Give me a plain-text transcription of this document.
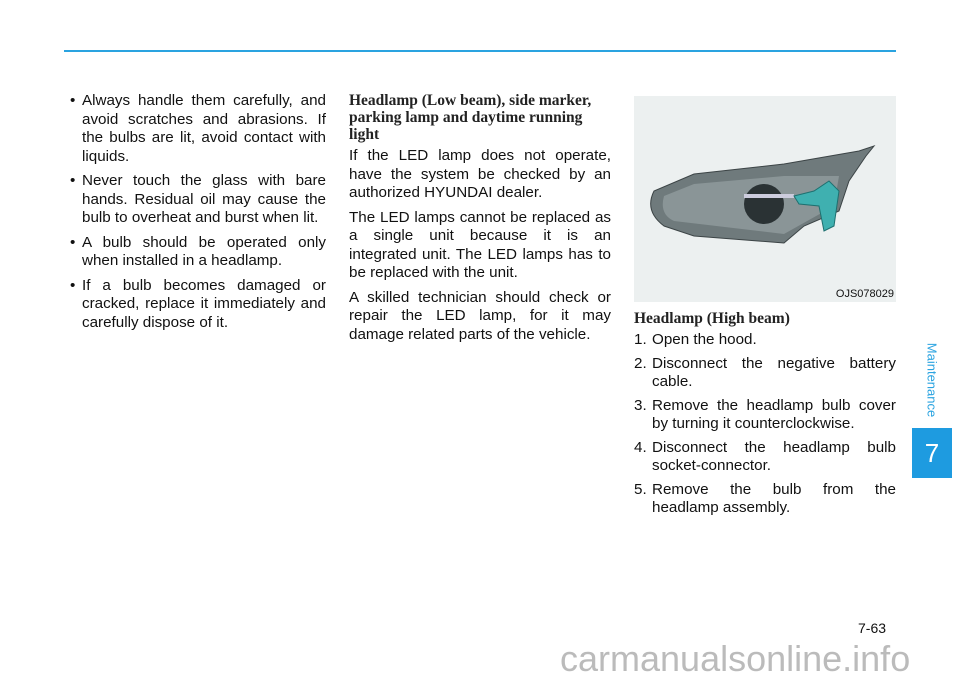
• Always handle them carefully, and avoid scratches and abrasions. If the bulbs are lit, avoid contact with liquids.
• Never touch the glass with bare hands. Residual oil may cause the bulb to overheat and burst when lit.
• A bulb should be operated only when installed in a headlamp.
• If a bulb becomes damaged or cracked, replace it immediately and carefully dispose of it.
Headlamp (Low beam), side marker, parking lamp and daytime running light

If the LED lamp does not operate, have the system be checked by an authorized HYUNDAI dealer.

The LED lamps cannot be replaced as a single unit because it is an integrated unit. The LED lamps has to be replaced with the unit.

A skilled technician should check or repair the LED lamp, for it may damage related parts of the vehicle.

OJS078029
Headlamp (High beam)
1. Open the hood.
2. Disconnect the negative battery cable.
3. Remove the headlamp bulb cover by turning it counterclockwise.
4. Disconnect the headlamp bulb socket-connector.
5. Remove the bulb from the headlamp assembly.
Maintenance
7
7-63
carmanualsonline.info
